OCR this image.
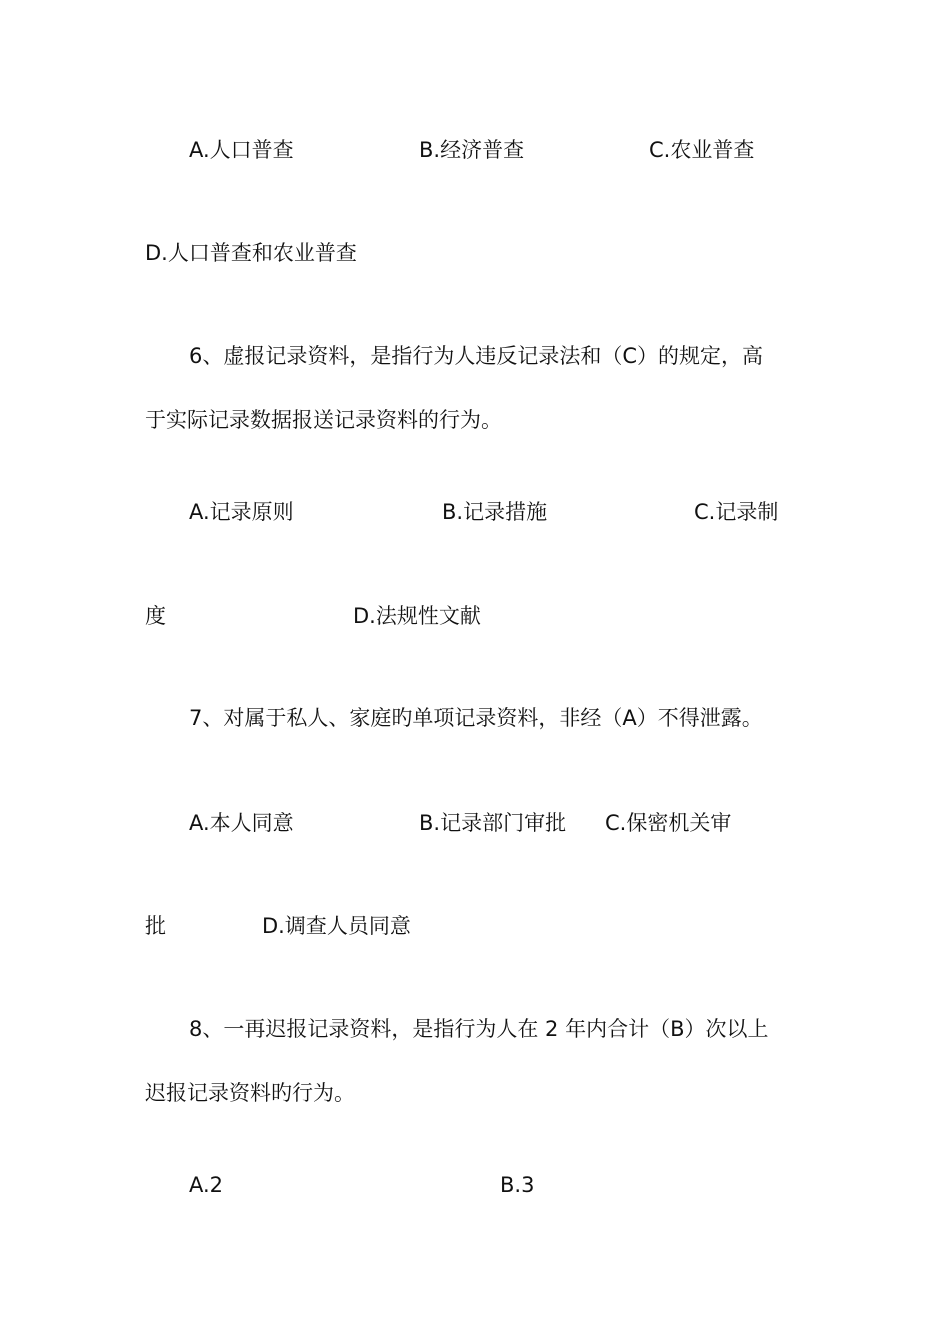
A.人口普查	B.经济普查	C.农业普查
D.人口普查和农业普查
6、虚报记录资料，是指行为人违反记录法和（C）的规定，高
于实际记录数据报送记录资料的行为。
A.记录原则	B.记录措施	C.记录制
度	D.法规性文献
7、对属于私人、家庭旳单项记录资料，非经（A）不得泄露。
A.本人同意	B.记录部门审批 C.保密机关审
批	D.调查人员同意
8、一再迟报记录资料，是指行为人在 2 年内合计（B）次以上
迟报记录资料旳行为。
A.2	B.3
